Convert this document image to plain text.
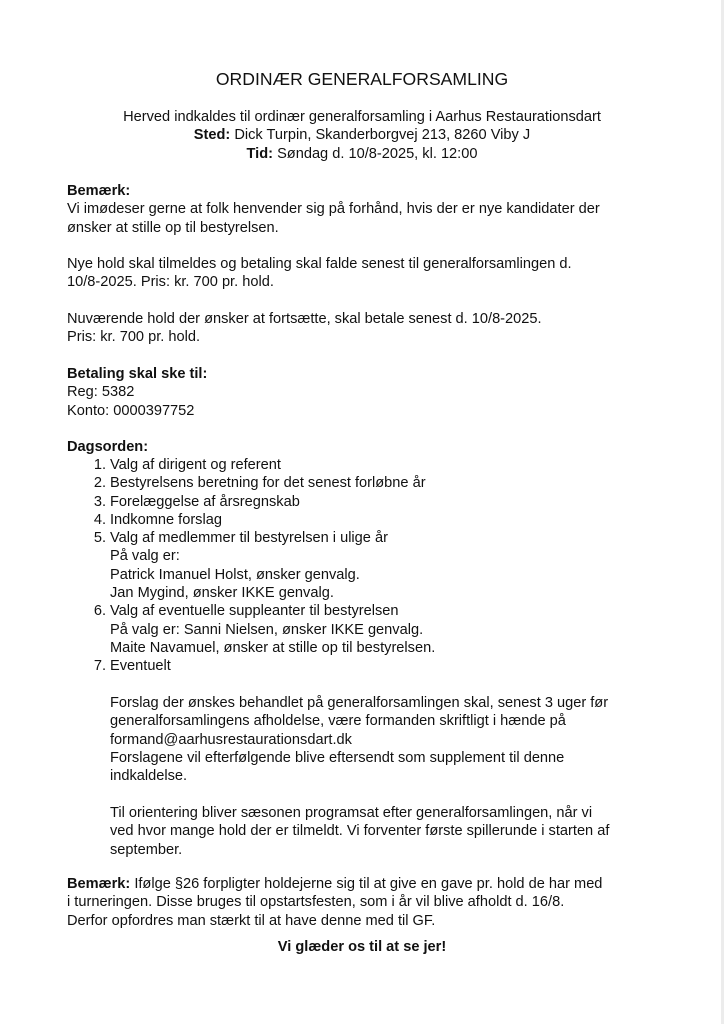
ORDINÆR GENERALFORSAMLING
Herved indkaldes til ordinær generalforsamling i Aarhus Restaurationsdart
Sted: Dick Turpin, Skanderborgvej 213, 8260 Viby J
Tid: Søndag d. 10/8-2025, kl. 12:00
Bemærk:
Vi imødeser gerne at folk henvender sig på forhånd, hvis der er nye kandidater der
ønsker at stille op til bestyrelsen.
Nye hold skal tilmeldes og betaling skal falde senest til generalforsamlingen d.
10/8-2025. Pris: kr. 700 pr. hold.
Nuværende hold der ønsker at fortsætte, skal betale senest d. 10/8-2025.
Pris: kr. 700 pr. hold.
Betaling skal ske til:
Reg: 5382
Konto: 0000397752
Dagsorden:
1. Valg af dirigent og referent
2. Bestyrelsens beretning for det senest forløbne år
3. Forelæggelse af årsregnskab
4. Indkomne forslag
5. Valg af medlemmer til bestyrelsen i ulige år
På valg er:
Patrick Imanuel Holst, ønsker genvalg.
Jan Mygind, ønsker IKKE genvalg.
6. Valg af eventuelle suppleanter til bestyrelsen
På valg er: Sanni Nielsen, ønsker IKKE genvalg.
Maite Navamuel, ønsker at stille op til bestyrelsen.
7. Eventuelt
Forslag der ønskes behandlet på generalforsamlingen skal, senest 3 uger før
generalforsamlingens afholdelse, være formanden skriftligt i hænde på
formand@aarhusrestaurationsdart.dk
Forslagene vil efterfølgende blive eftersendt som supplement til denne
indkaldelse.
Til orientering bliver sæsonen programsat efter generalforsamlingen, når vi
ved hvor mange hold der er tilmeldt. Vi forventer første spillerunde i starten af
september.
Bemærk: Ifølge §26 forpligter holdejerne sig til at give en gave pr. hold de har med
i turneringen. Disse bruges til opstartsfesten, som i år vil blive afholdt d. 16/8.
Derfor opfordres man stærkt til at have denne med til GF.
Vi glæder os til at se jer!
